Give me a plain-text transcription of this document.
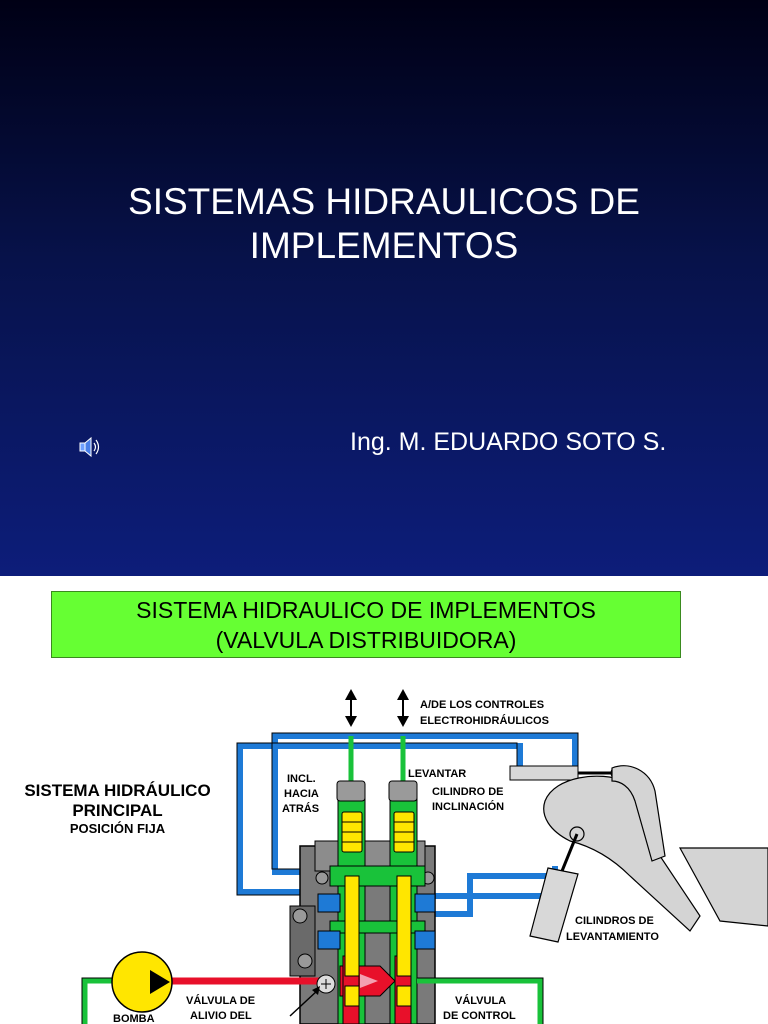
SISTEMAS HIDRAULICOS DE
IMPLEMENTOS
Ing. M. EDUARDO SOTO S.
SISTEMA HIDRAULICO DE IMPLEMENTOS
(VALVULA DISTRIBUIDORA)
SISTEMA HIDRÁULICO
PRINCIPAL
POSICIÓN FIJA
A/DE LOS CONTROLES
ELECTROHIDRÁULICOS
INCL.
HACIA
ATRÁS
LEVANTAR
CILINDRO DE
INCLINACIÓN
CILINDROS DE
LEVANTAMIENTO
BOMBA
VÁLVULA DE
ALIVIO DEL
VÁLVULA
DE CONTROL
